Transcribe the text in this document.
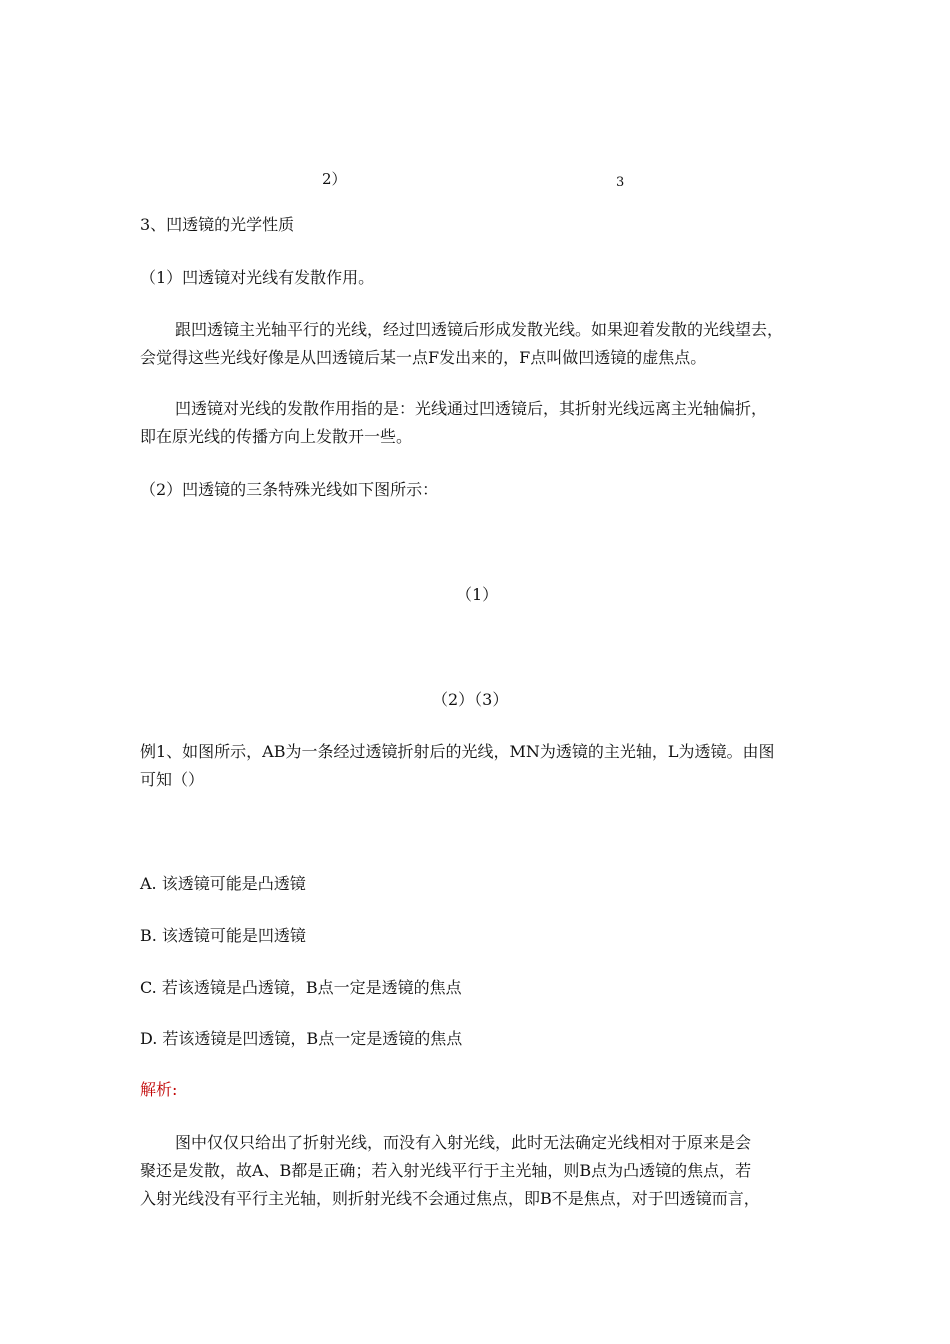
2）	3
3、凹透镜的光学性质
（1）凹透镜对光线有发散作用。
跟凹透镜主光轴平行的光线，经过凹透镜后形成发散光线。如果迎着发散的光线望去，
会觉得这些光线好像是从凹透镜后某一点F发出来的，F点叫做凹透镜的虚焦点。
凹透镜对光线的发散作用指的是：光线通过凹透镜后，其折射光线远离主光轴偏折，
即在原光线的传播方向上发散开一些。
（2）凹透镜的三条特殊光线如下图所示：
（1）
（2）（3）
例1、如图所示，AB为一条经过透镜折射后的光线，MN为透镜的主光轴，L为透镜。由图
可知（）
A. 该透镜可能是凸透镜
B. 该透镜可能是凹透镜
C. 若该透镜是凸透镜，B点一定是透镜的焦点
D. 若该透镜是凹透镜，B点一定是透镜的焦点
解析:
图中仅仅只给出了折射光线，而没有入射光线，此时无法确定光线相对于原来是会
聚还是发散，故A、B都是正确；若入射光线平行于主光轴，则B点为凸透镜的焦点，若
入射光线没有平行主光轴，则折射光线不会通过焦点，即B不是焦点，对于凹透镜而言，
